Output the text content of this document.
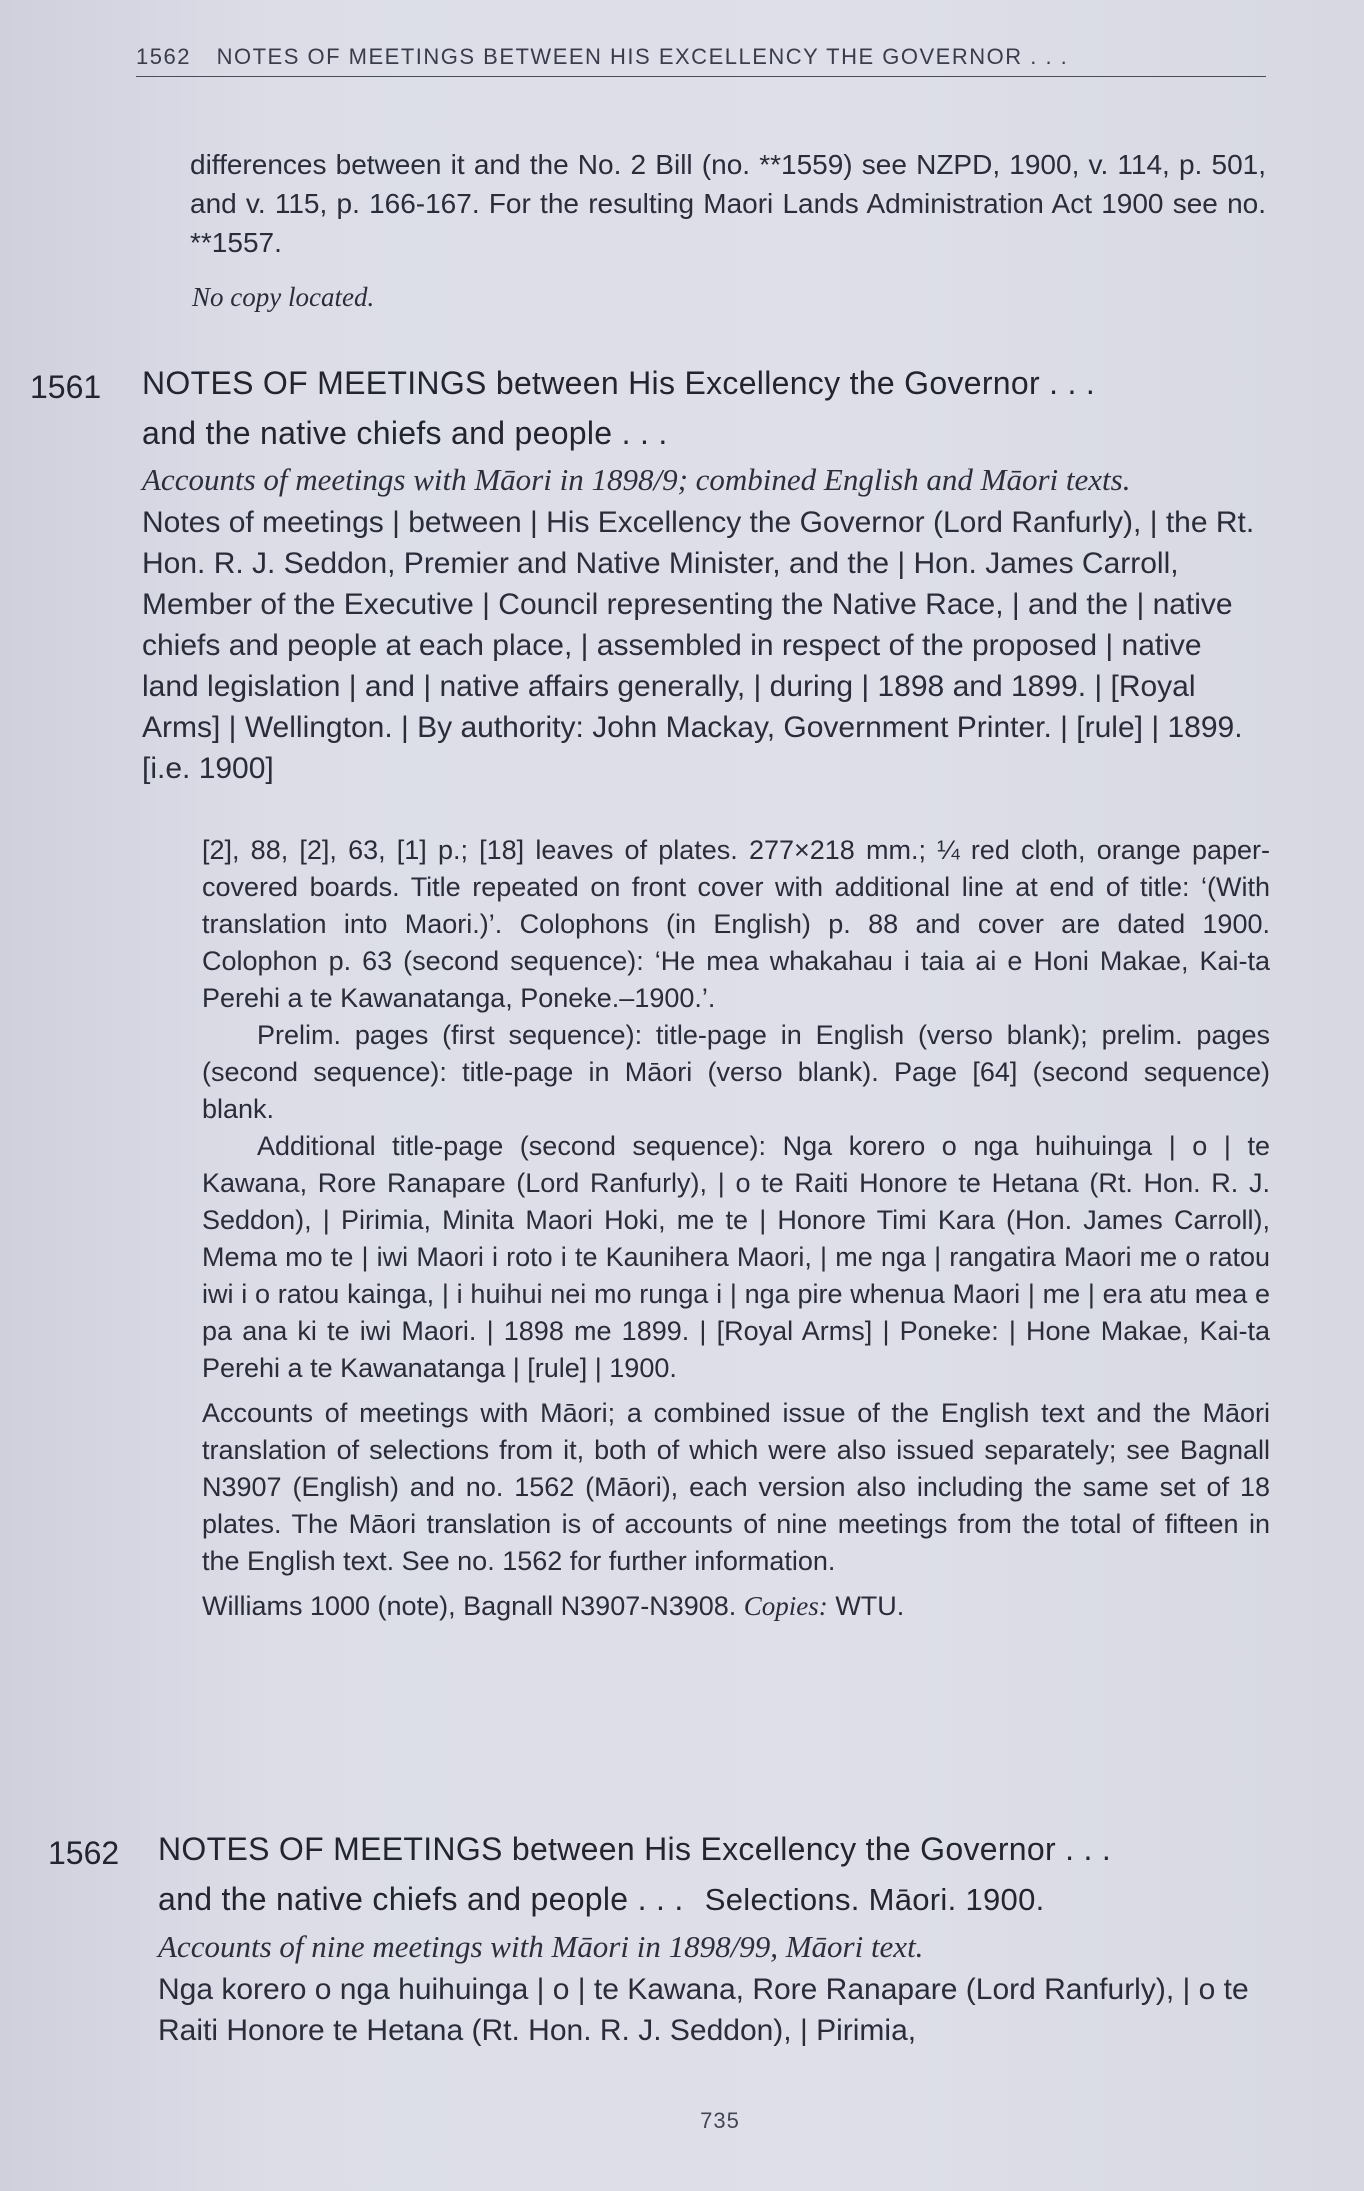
1562 NOTES OF MEETINGS BETWEEN HIS EXCELLENCY THE GOVERNOR . . .

differences between it and the No. 2 Bill (no. **1559) see NZPD, 1900, v. 114, p. 501, and v. 115, p. 166-167. For the resulting Maori Lands Administration Act 1900 see no. **1557.

No copy located.
1561 NOTES OF MEETINGS between His Excellency the Governor . . .
and the native chiefs and people . . .
Accounts of meetings with Māori in 1898/9; combined English and Māori texts.

Notes of meetings | between | His Excellency the Governor (Lord Ranfurly), | the Rt. Hon. R. J. Seddon, Premier and Native Minister, and the | Hon. James Carroll, Member of the Executive | Council representing the Native Race, | and the | native chiefs and people at each place, | assembled in respect of the proposed | native land legislation | and | native affairs generally, | during | 1898 and 1899. | [Royal Arms] | Wellington. | By authority: John Mackay, Government Printer. | [rule] | 1899. [i.e. 1900]

[2], 88, [2], 63, [1] p.; [18] leaves of plates. 277×218 mm.; ¼ red cloth, orange paper-covered boards. Title repeated on front cover with additional line at end of title: ‘(With translation into Maori.)’. Colophons (in English) p. 88 and cover are dated 1900. Colophon p. 63 (second sequence): ‘He mea whakahau i taia ai e Honi Makae, Kai-ta Perehi a te Kawanatanga, Poneke.–1900.’.

Prelim. pages (first sequence): title-page in English (verso blank); prelim. pages (second sequence): title-page in Māori (verso blank). Page [64] (second sequence) blank.

Additional title-page (second sequence): Nga korero o nga huihuinga | o | te Kawana, Rore Ranapare (Lord Ranfurly), | o te Raiti Honore te Hetana (Rt. Hon. R. J. Seddon), | Pirimia, Minita Maori Hoki, me te | Honore Timi Kara (Hon. James Carroll), Mema mo te | iwi Maori i roto i te Kaunihera Maori, | me nga | rangatira Maori me o ratou iwi i o ratou kainga, | i huihui nei mo runga i | nga pire whenua Maori | me | era atu mea e pa ana ki te iwi Maori. | 1898 me 1899. | [Royal Arms] | Poneke: | Hone Makae, Kai-ta Perehi a te Kawanatanga | [rule] | 1900.

Accounts of meetings with Māori; a combined issue of the English text and the Māori translation of selections from it, both of which were also issued separately; see Bagnall N3907 (English) and no. 1562 (Māori), each version also including the same set of 18 plates. The Māori translation is of accounts of nine meetings from the total of fifteen in the English text. See no. 1562 for further information.

Williams 1000 (note), Bagnall N3907-N3908. Copies: WTU.

1562 NOTES OF MEETINGS between His Excellency the Governor . . .
and the native chiefs and people . . . Selections. Māori. 1900.
Accounts of nine meetings with Māori in 1898/99, Māori text.

Nga korero o nga huihuinga | o | te Kawana, Rore Ranapare (Lord Ranfurly), | o te Raiti Honore te Hetana (Rt. Hon. R. J. Seddon), | Pirimia,

735
